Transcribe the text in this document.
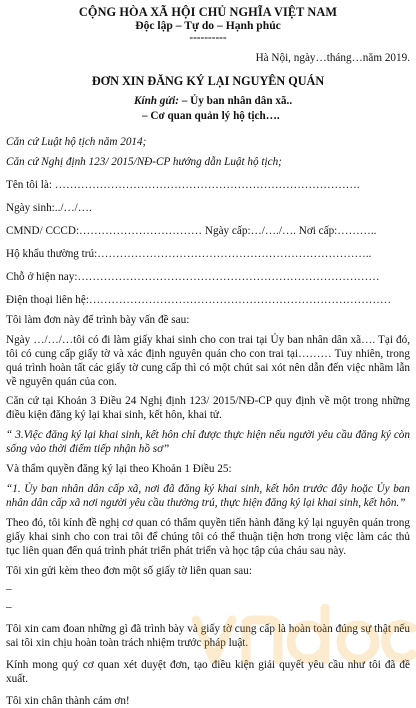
CỘNG HÒA XÃ HỘI CHỦ NGHĨA VIỆT NAM
Độc lập – Tự do – Hạnh phúc
----------
Hà Nội, ngày…tháng…năm 2019.
ĐƠN XIN ĐĂNG KÝ LẠI NGUYÊN QUÁN
Kính gửi: – Ủy ban nhân dân xã..
– Cơ quan quản lý hộ tịch….
Căn cứ Luật hộ tịch năm 2014;
Căn cứ Nghị định 123/ 2015/NĐ-CP hướng dẫn Luật hộ tịch;
Tên tôi là: ……………………………………………………………………….
Ngày sinh:../…/….
CMND/ CCCD:…………………………… Ngày cấp:…/…./…. Nơi cấp:………..
Hộ khẩu thường trú:………………………………………………………………..
Chỗ ở hiện nay:………………………………………………………………………
Điện thoại liên hệ:………………………………………………………………………
Tôi làm đơn này để trình bày vấn đề sau:
Ngày …/…/…tôi có đi làm giấy khai sinh cho con trai tại Ủy ban nhân dân xã…. Tại đó, tôi có cung cấp giấy tờ và xác định nguyên quán cho con trai tại……… Tuy nhiên, trong quá trình hoàn tất các giấy tờ cung cấp thì có một chút sai xót nên dẫn đến việc nhầm lẫn về nguyên quán của con.
Căn cứ tại Khoản 3 Điều 24 Nghị định 123/ 2015/NĐ-CP quy định về một trong những điều kiện đăng ký lại khai sinh, kết hôn, khai tử.
“ 3.Việc đăng ký lại khai sinh, kết hôn chỉ được thực hiện nếu người yêu cầu đăng ký còn sống vào thời điểm tiếp nhận hồ sơ”
Và thẩm quyền đăng ký lại theo Khoản 1 Điều 25:
“1. Ủy ban nhân dân cấp xã, nơi đã đăng ký khai sinh, kết hôn trước đây hoặc Ủy ban nhân dân cấp xã nơi người yêu cầu thường trú, thực hiện đăng ký lại khai sinh, kết hôn.”
Theo đó, tôi kính đề nghị cơ quan có thẩm quyền tiến hành đăng ký lại nguyên quán trong giấy khai sinh cho con trai tôi để chúng tôi có thể thuận tiện hơn trong việc làm các thủ tục liên quan đến quá trình phát triển phát triển và học tập của cháu sau này.
Tôi xin gửi kèm theo đơn một số giấy tờ liên quan sau:
–
–
Tôi xin cam đoan những gì đã trình bày và giấy tờ cung cấp là hoàn toàn đúng sự thật nếu sai tôi xin chịu hoàn toàn trách nhiệm trước pháp luật.
Kính mong quý cơ quan xét duyệt đơn, tạo điều kiện giải quyết yêu cầu như tôi đã đề xuất.
Tôi xin chân thành cám ơn!
